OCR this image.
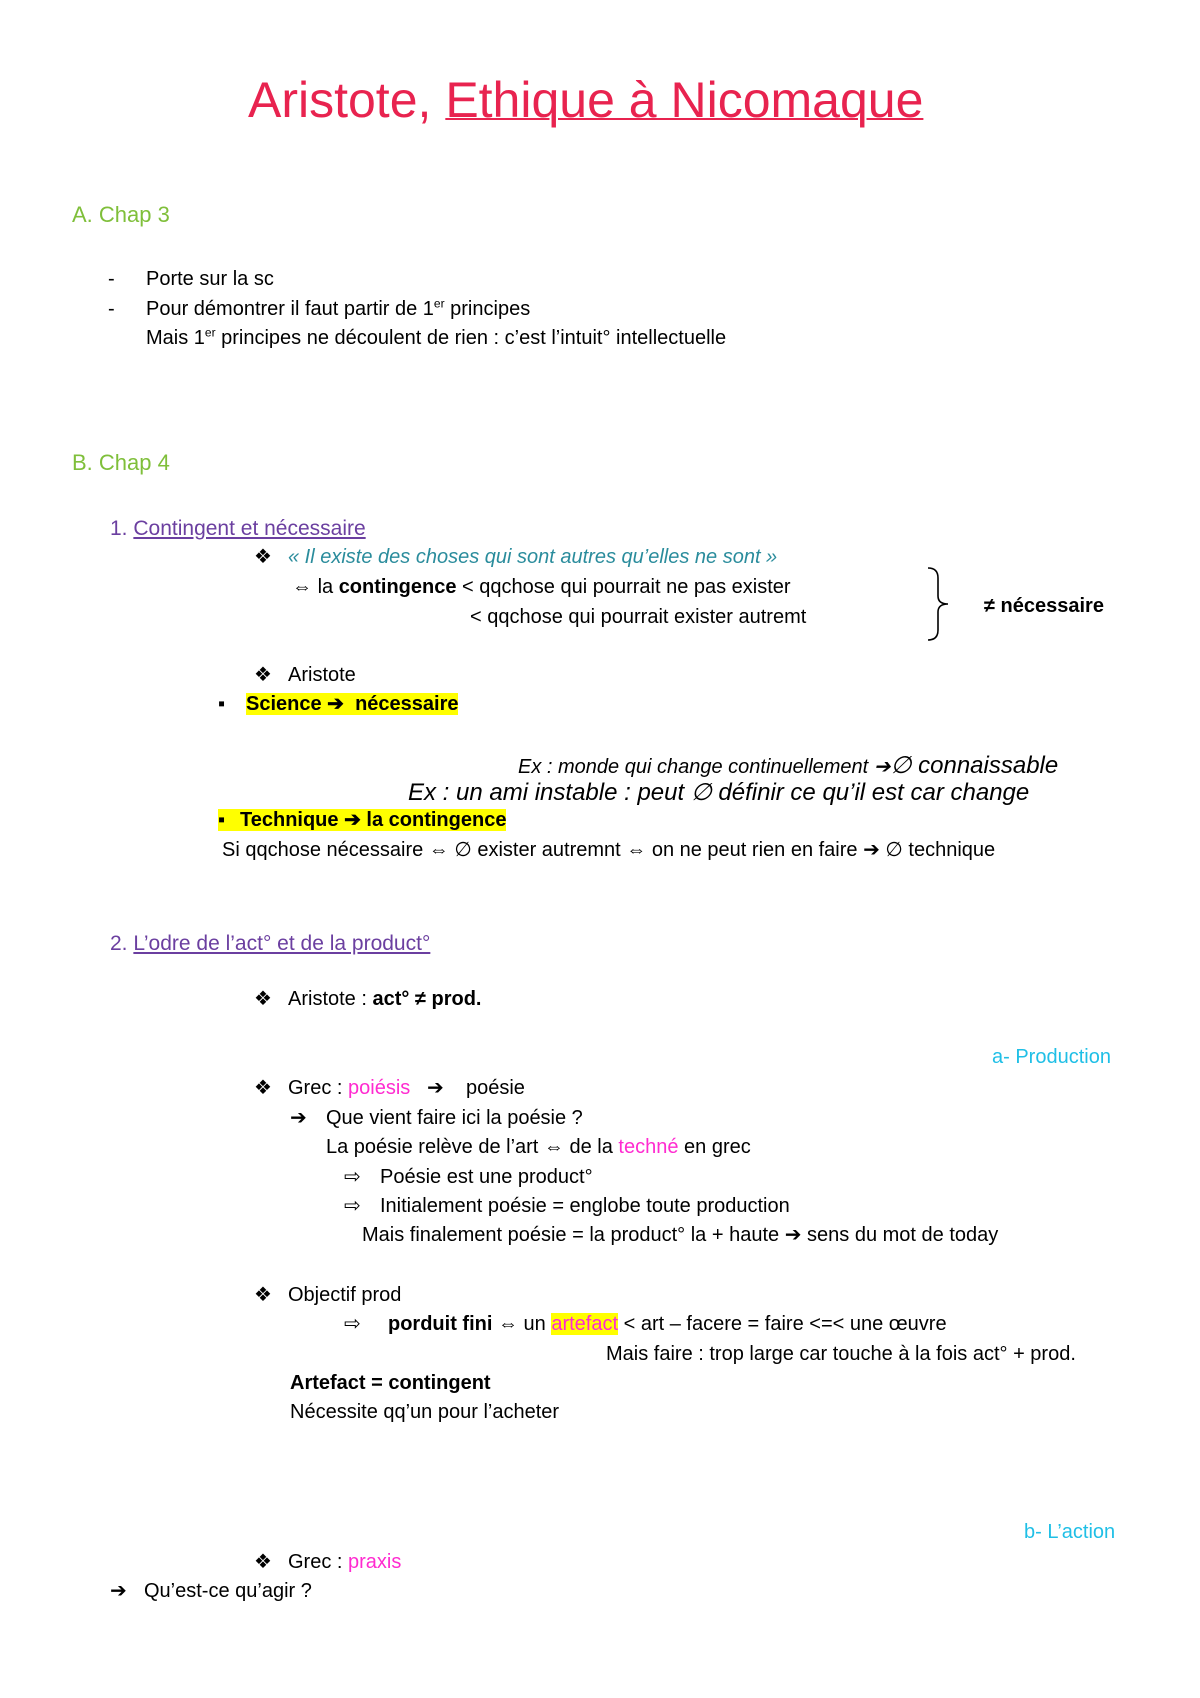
Aristote, Ethique à Nicomaque
A. Chap 3
- Porte sur la sc
- Pour démontrer il faut partir de 1er principes
Mais 1er principes ne découlent de rien : c’est l’intuit° intellectuelle
B. Chap 4
1. Contingent et nécessaire
❖ « Il existe des choses qui sont autres qu’elles ne sont »
⇔ la contingence < qqchose qui pourrait ne pas exister
< qqchose qui pourrait exister autremt	≠ nécessaire
❖ Aristote
▪ Science ➔ nécessaire
Ex : monde qui change continuellement ➔∅ connaissable
Ex : un ami instable : peut ∅ définir ce qu’il est car change
▪ Technique ➔ la contingence
Si qqchose nécessaire ⇔ ∅ exister autremnt ⇔ on ne peut rien en faire ➔ ∅ technique
2. L’odre de l’act° et de la product°
❖ Aristote : act° ≠ prod.
a- Production
❖ Grec : poiésis ➔ poésie
➔ Que vient faire ici la poésie ?
La poésie relève de l’art ⇔ de la techné en grec
⇨ Poésie est une product°
⇨ Initialement poésie = englobe toute production
Mais finalement poésie = la product° la + haute ➔ sens du mot de today
❖ Objectif prod
⇨ porduit fini ⇔ un artefact < art – facere = faire <=< une œuvre
Mais faire : trop large car touche à la fois act° + prod.
Artefact = contingent
Nécessite qq’un pour l’acheter
b- L’action
❖ Grec : praxis
➔ Qu’est-ce qu’agir ?
